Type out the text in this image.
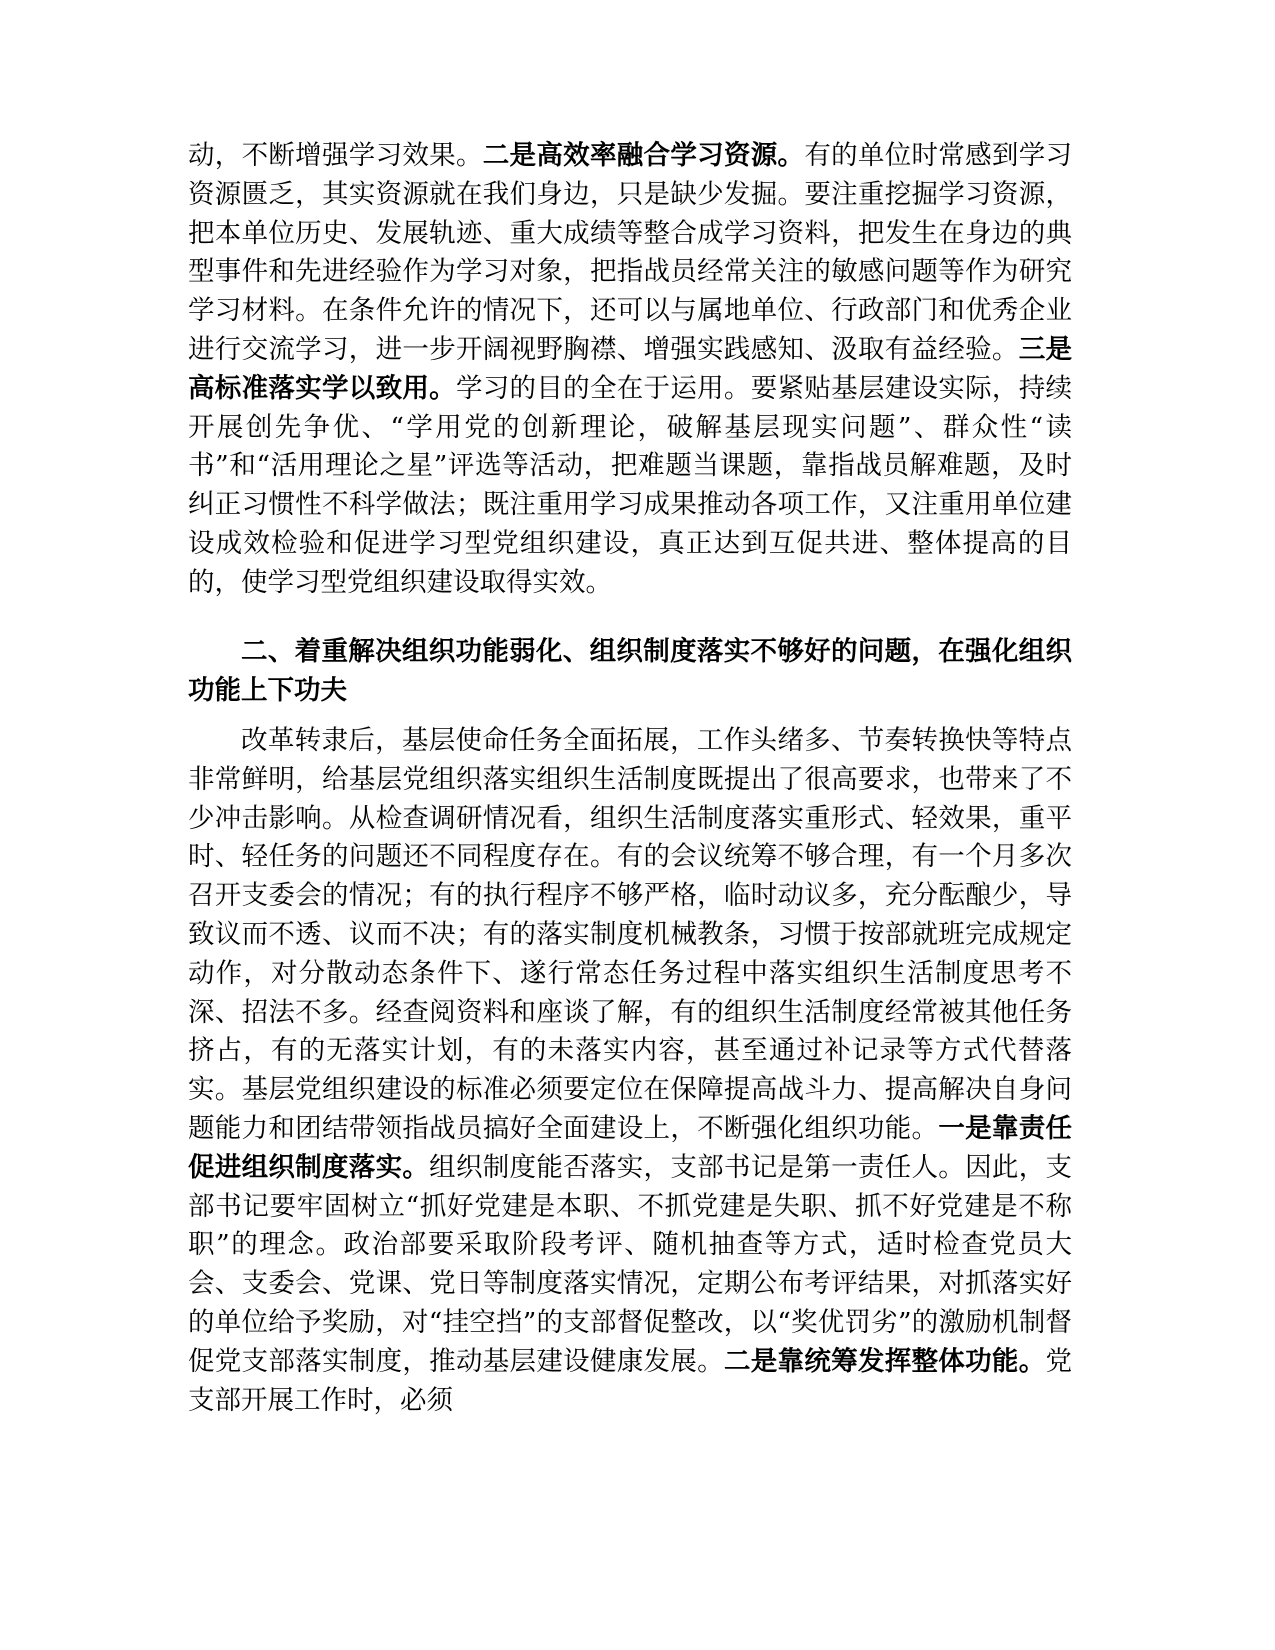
动，不断增强学习效果。二是高效率融合学习资源。有的单位时常感到学习资源匮乏，其实资源就在我们身边，只是缺少发掘。要注重挖掘学习资源，把本单位历史、发展轨迹、重大成绩等整合成学习资料，把发生在身边的典型事件和先进经验作为学习对象，把指战员经常关注的敏感问题等作为研究学习材料。在条件允许的情况下，还可以与属地单位、行政部门和优秀企业进行交流学习，进一步开阔视野胸襟、增强实践感知、汲取有益经验。三是高标准落实学以致用。学习的目的全在于运用。要紧贴基层建设实际，持续开展创先争优、“学用党的创新理论，破解基层现实问题”、群众性“读书”和“活用理论之星”评选等活动，把难题当课题，靠指战员解难题，及时纠正习惯性不科学做法；既注重用学习成果推动各项工作，又注重用单位建设成效检验和促进学习型党组织建设，真正达到互促共进、整体提高的目的，使学习型党组织建设取得实效。

二、着重解决组织功能弱化、组织制度落实不够好的问题，在强化组织功能上下功夫

改革转隶后，基层使命任务全面拓展，工作头绪多、节奏转换快等特点非常鲜明，给基层党组织落实组织生活制度既提出了很高要求，也带来了不少冲击影响。从检查调研情况看，组织生活制度落实重形式、轻效果，重平时、轻任务的问题还不同程度存在。有的会议统筹不够合理，有一个月多次召开支委会的情况；有的执行程序不够严格，临时动议多，充分酝酿少，导致议而不透、议而不决；有的落实制度机械教条，习惯于按部就班完成规定动作，对分散动态条件下、遂行常态任务过程中落实组织生活制度思考不深、招法不多。经查阅资料和座谈了解，有的组织生活制度经常被其他任务挤占，有的无落实计划，有的未落实内容，甚至通过补记录等方式代替落实。基层党组织建设的标准必须要定位在保障提高战斗力、提高解决自身问题能力和团结带领指战员搞好全面建设上，不断强化组织功能。一是靠责任促进组织制度落实。组织制度能否落实，支部书记是第一责任人。因此，支部书记要牢固树立“抓好党建是本职、不抓党建是失职、抓不好党建是不称职”的理念。政治部要采取阶段考评、随机抽查等方式，适时检查党员大会、支委会、党课、党日等制度落实情况，定期公布考评结果，对抓落实好的单位给予奖励，对“挂空挡”的支部督促整改，以“奖优罚劣”的激励机制督促党支部落实制度，推动基层建设健康发展。二是靠统筹发挥整体功能。党支部开展工作时，必须
